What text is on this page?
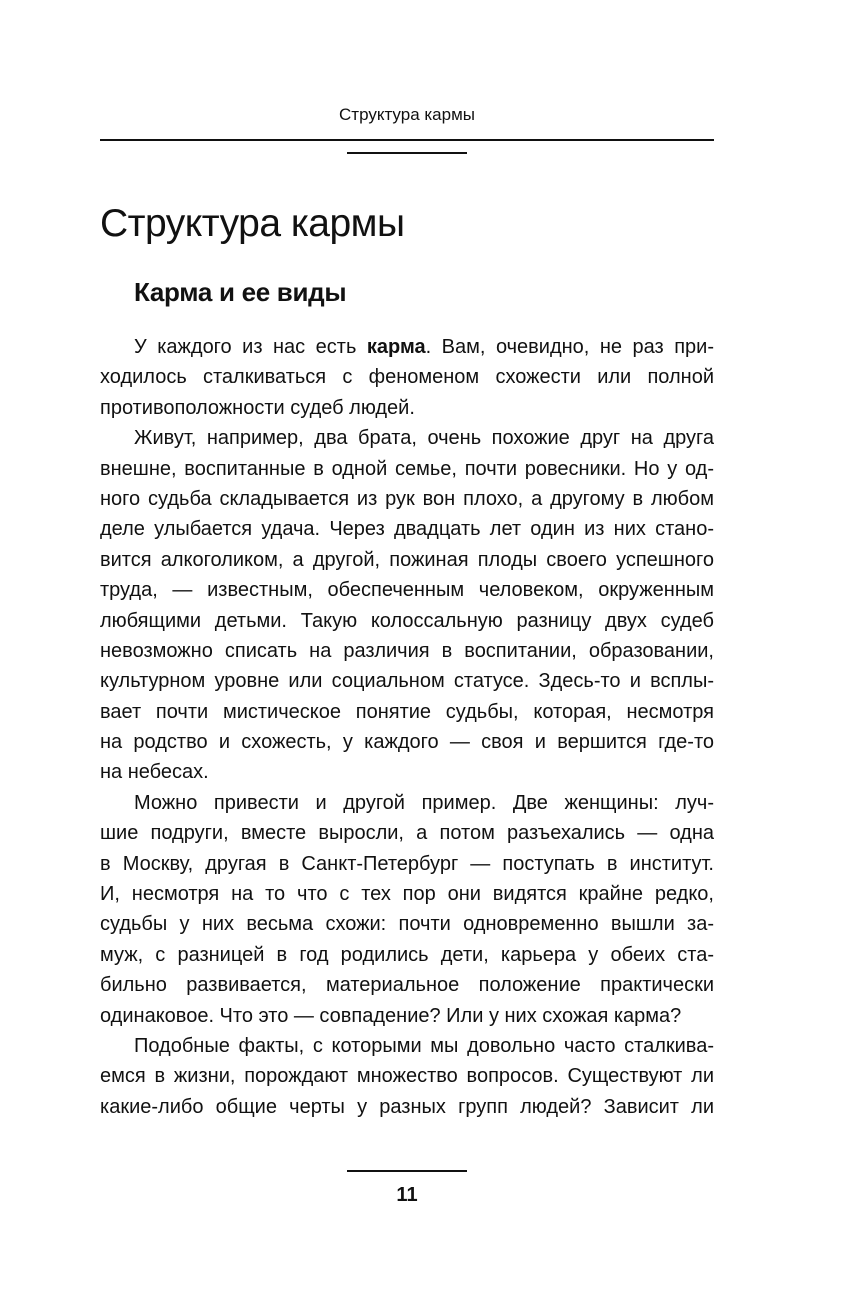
Структура кармы
Структура кармы
Карма и ее виды
У каждого из нас есть карма. Вам, очевидно, не раз при-
ходилось сталкиваться с феноменом схожести или полной
противоположности судеб людей.
Живут, например, два брата, очень похожие друг на друга
внешне, воспитанные в одной семье, почти ровесники. Но у од-
ного судьба складывается из рук вон плохо, а другому в любом
деле улыбается удача. Через двадцать лет один из них стано-
вится алкоголиком, а другой, пожиная плоды своего успешного
труда, — известным, обеспеченным человеком, окруженным
любящими детьми. Такую колоссальную разницу двух судеб
невозможно списать на различия в воспитании, образовании,
культурном уровне или социальном статусе. Здесь-то и всплы-
вает почти мистическое понятие судьбы, которая, несмотря
на родство и схожесть, у каждого — своя и вершится где-то
на небесах.
Можно привести и другой пример. Две женщины: луч-
шие подруги, вместе выросли, а потом разъехались — одна
в Москву, другая в Санкт-Петербург — поступать в институт.
И, несмотря на то что с тех пор они видятся крайне редко,
судьбы у них весьма схожи: почти одновременно вышли за-
муж, с разницей в год родились дети, карьера у обеих ста-
бильно развивается, материальное положение практически
одинаковое. Что это — совпадение? Или у них схожая карма?
Подобные факты, с которыми мы довольно часто сталкива-
емся в жизни, порождают множество вопросов. Существуют ли
какие-либо общие черты у разных групп людей? Зависит ли
11
